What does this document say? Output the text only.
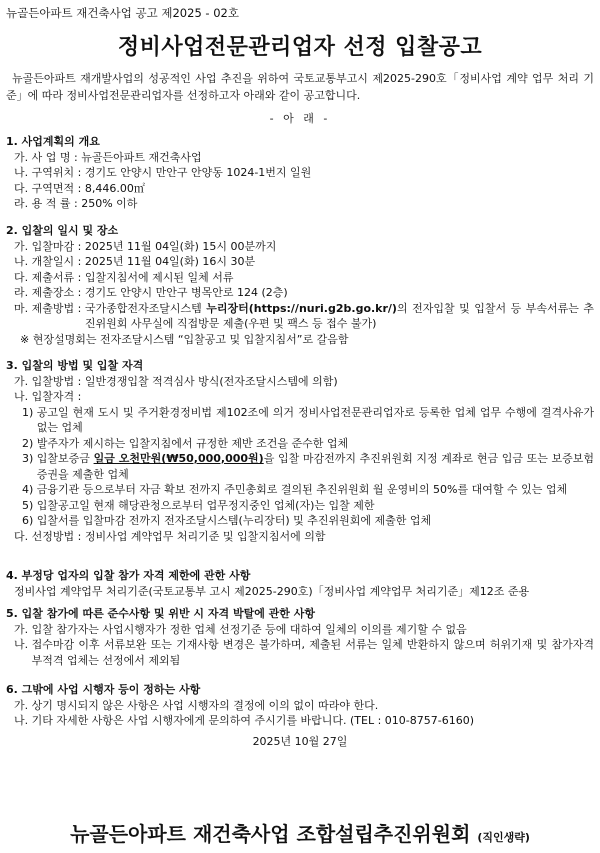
뉴골든아파트 재건축사업 공고 제2025 - 02호
정비사업전문관리업자 선정 입찰공고
뉴골든아파트 재개발사업의 성공적인 사업 추진을 위하여 국토교통부고시 제2025-290호「정비사업 계약 업무 처리 기준」에 따라 정비사업전문관리업자를 선정하고자 아래와 같이 공고합니다.
- 아 래 -
1. 사업계획의 개요
가. 사 업 명 : 뉴골든아파트 재건축사업
나. 구역위치 : 경기도 안양시 만안구 안양동 1024-1번지 일원
다. 구역면적 : 8,446.00㎡
라. 용 적 률 : 250% 이하
2. 입찰의 일시 및 장소
가. 입찰마감 : 2025년 11월 04일(화) 15시 00분까지
나. 개찰일시 : 2025년 11월 04일(화) 16시 30분
다. 제출서류 : 입찰지침서에 제시된 일체 서류
라. 제출장소 : 경기도 안양시 만안구 병목안로 124 (2층)
마. 제출방법 : 국가종합전자조달시스템 누리장터(https://nuri.g2b.go.kr/)의 전자입찰 및 입찰서 등 부속서류는 추진위원회 사무실에 직접방문 제출(우편 및 팩스 등 접수 불가)
※ 현장설명회는 전자조달시스템 “입찰공고 및 입찰지침서”로 갈음함
3. 입찰의 방법 및 입찰 자격
가. 입찰방법 : 일반경쟁입찰 적격심사 방식(전자조달시스템에 의함)
나. 입찰자격 :
1) 공고일 현재 도시 및 주거환경정비법 제102조에 의거 정비사업전문관리업자로 등록한 업체 업무 수행에 결격사유가 없는 업체
2) 발주자가 제시하는 입찰지침에서 규정한 제반 조건을 준수한 업체
3) 입찰보증금 일금 오천만원(₩50,000,000원)을 입찰 마감전까지 추진위원회 지정 계좌로 현금 입금 또는 보증보험증권을 제출한 업체
4) 금융기관 등으로부터 자금 확보 전까지 주민총회로 결의된 추진위원회 월 운영비의 50%를 대여할 수 있는 업체
5) 입찰공고일 현재 해당관청으로부터 업무정지중인 업체(자)는 입찰 제한
6) 입찰서를 입찰마감 전까지 전자조달시스템(누리장터) 및 추진위원회에 제출한 업체
다. 선정방법 : 정비사업 계약업무 처리기준 및 입찰지침서에 의함
4. 부정당 업자의 입찰 참가 자격 제한에 관한 사항
정비사업 계약업무 처리기준(국토교통부 고시 제2025-290호)「정비사업 계약업무 처리기준」제12조 준용
5. 입찰 참가에 따른 준수사항 및 위반 시 자격 박탈에 관한 사항
가. 입찰 참가자는 사업시행자가 정한 업체 선정기준 등에 대하여 일체의 이의를 제기할 수 없음
나. 접수마감 이후 서류보완 또는 기재사항 변경은 불가하며, 제출된 서류는 일체 반환하지 않으며 허위기재 및 참가자격 부적격 업체는 선정에서 제외됨
6. 그밖에 사업 시행자 등이 정하는 사항
가. 상기 명시되지 않은 사항은 사업 시행자의 결정에 이의 없이 따라야 한다.
나. 기타 자세한 사항은 사업 시행자에게 문의하여 주시기를 바랍니다. (TEL : 010-8757-6160)
2025년 10월 27일
뉴골든아파트 재건축사업 조합설립추진위원회 (직인생략)
